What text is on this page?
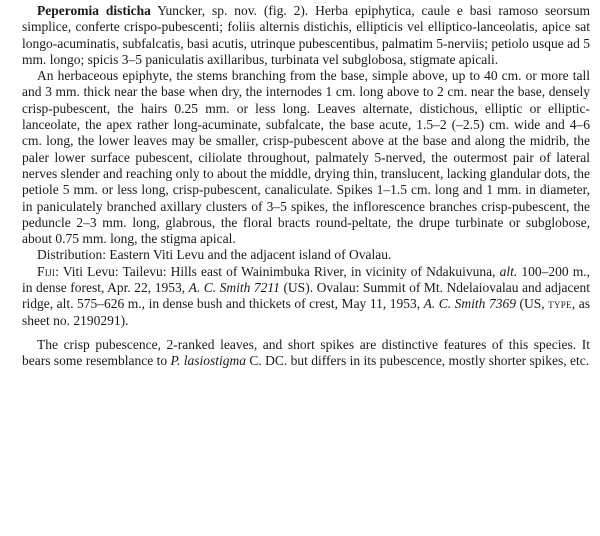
Peperomia disticha Yuncker, sp. nov. (fig. 2). Herba epiphytica, caule e basi ramoso seorsum simplice, conferte crispo-pubescenti; foliis alternis distichis, ellipticis vel elliptico-lanceolatis, apice sat longo-acuminatis, subfalcatis, basi acutis, utrinque pubescentibus, palmatim 5-nerviis; petiolo usque ad 5 mm. longo; spicis 3–5 paniculatis axillaribus, turbinata vel subglobosa, stigmate apicali.

An herbaceous epiphyte, the stems branching from the base, simple above, up to 40 cm. or more tall and 3 mm. thick near the base when dry, the internodes 1 cm. long above to 2 cm. near the base, densely crisp-pubescent, the hairs 0.25 mm. or less long. Leaves alternate, distichous, elliptic or elliptic-lanceolate, the apex rather long-acuminate, subfalcate, the base acute, 1.5–2 (–2.5) cm. wide and 4–6 cm. long, the lower leaves may be smaller, crisp-pubescent above at the base and along the midrib, the paler lower surface pubescent, ciliolate throughout, palmately 5-nerved, the outermost pair of lateral nerves slender and reaching only to about the middle, drying thin, translucent, lacking glandular dots, the petiole 5 mm. or less long, crisp-pubescent, canaliculate. Spikes 1–1.5 cm. long and 1 mm. in diameter, in paniculately branched axillary clusters of 3–5 spikes, the inflorescence branches crisp-pubescent, the peduncle 2–3 mm. long, glabrous, the floral bracts round-peltate, the drupe turbinate or subglobose, about 0.75 mm. long, the stigma apical.

Distribution: Eastern Viti Levu and the adjacent island of Ovalau.

Fiji: Viti Levu: Tailevu: Hills east of Wainimbuka River, in vicinity of Ndakuivuna, alt. 100–200 m., in dense forest, Apr. 22, 1953, A. C. Smith 7211 (US). Ovalau: Summit of Mt. Ndelaiovalau and adjacent ridge, alt. 575–626 m., in dense bush and thickets of crest, May 11, 1953, A. C. Smith 7369 (US, type, as sheet no. 2190291).

The crisp pubescence, 2-ranked leaves, and short spikes are distinctive features of this species. It bears some resemblance to P. lasiostigma C. DC. but differs in its pubescence, mostly shorter spikes, etc.
